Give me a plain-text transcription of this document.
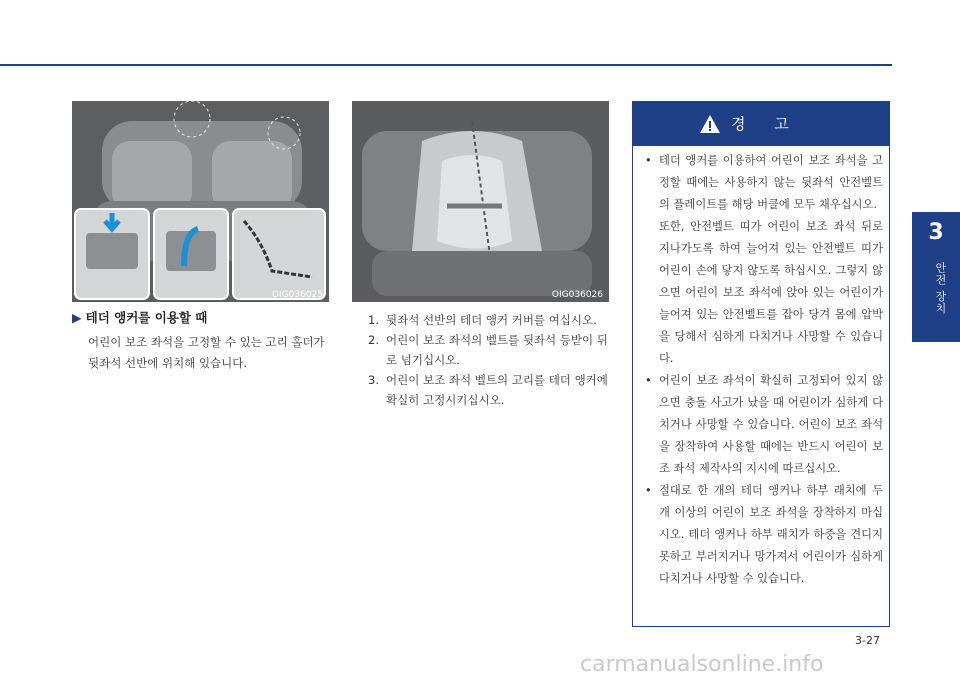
3
안전 장치
OIG036025	OIG036026
▶ 테더 앵커를 이용할 때
어린이 보조 좌석을 고정할 수 있는 고리 홀더가 뒷좌석 선반에 위치해 있습니다.
1. 뒷좌석 선반의 테더 앵커 커버를 여십시오.
2. 어린이 보조 좌석의 벨트를 뒷좌석 등받이 뒤로 넘기십시오.
3. 어린이 보조 좌석 벨트의 고리를 테더 앵커에 확실히 고정시키십시오.
경 고
• 테더 앵커를 이용하여 어린이 보조 좌석을 고정할 때에는 사용하지 않는 뒷좌석 안전벨트의 플레이트를 해당 버클에 모두 채우십시오.
또한, 안전벨트 띠가 어린이 보조 좌석 뒤로 지나가도록 하여 늘어져 있는 안전벨트 띠가 어린이 손에 닿지 않도록 하십시오. 그렇지 않으면 어린이 보조 좌석에 앉아 있는 어린이가 늘어져 있는 안전벨트를 잡아 당겨 몸에 압박을 당해서 심하게 다치거나 사망할 수 있습니다.
• 어린이 보조 좌석이 확실히 고정되어 있지 않으면 충돌 사고가 났을 때 어린이가 심하게 다치거나 사망할 수 있습니다. 어린이 보조 좌석을 장착하여 사용할 때에는 반드시 어린이 보조 좌석 제작사의 지시에 따르십시오.
• 절대로 한 개의 테더 앵커나 하부 래치에 두 개 이상의 어린이 보조 좌석을 장착하지 마십시오. 테더 앵커나 하부 래치가 하중을 견디지 못하고 부러지거나 망가져서 어린이가 심하게 다치거나 사망할 수 있습니다.
3-27
carmanualsonline.info
